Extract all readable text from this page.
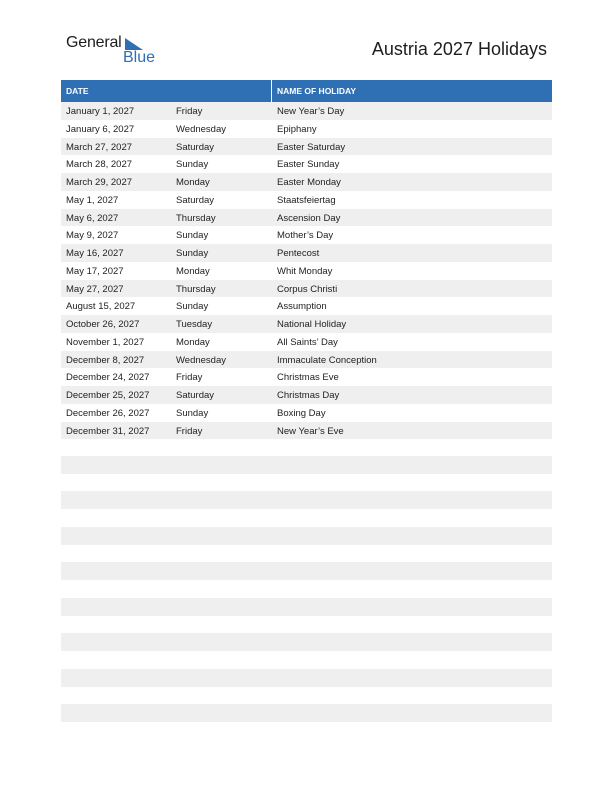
General
Blue	Austria 2027 Holidays
DATE	NAME OF HOLIDAY
January 1, 2027	Friday	New Year’s Day
January 6, 2027	Wednesday	Epiphany
March 27, 2027	Saturday	Easter Saturday
March 28, 2027	Sunday	Easter Sunday
March 29, 2027	Monday	Easter Monday
May 1, 2027	Saturday	Staatsfeiertag
May 6, 2027	Thursday	Ascension Day
May 9, 2027	Sunday	Mother’s Day
May 16, 2027	Sunday	Pentecost
May 17, 2027	Monday	Whit Monday
May 27, 2027	Thursday	Corpus Christi
August 15, 2027	Sunday	Assumption
October 26, 2027	Tuesday	National Holiday
November 1, 2027	Monday	All Saints’ Day
December 8, 2027	Wednesday	Immaculate Conception
December 24, 2027	Friday	Christmas Eve
December 25, 2027	Saturday	Christmas Day
December 26, 2027	Sunday	Boxing Day
December 31, 2027	Friday	New Year’s Eve
